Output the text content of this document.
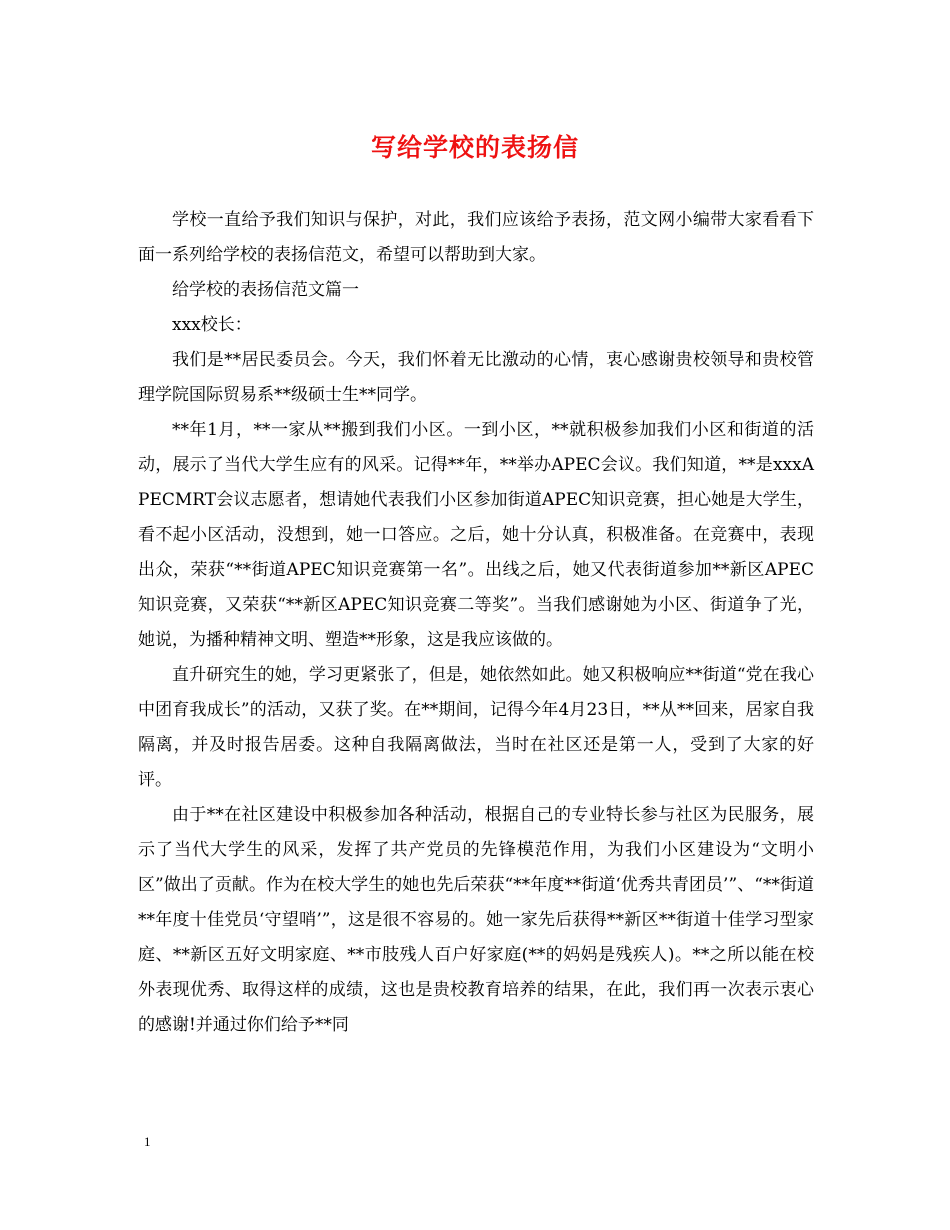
写给学校的表扬信

学校一直给予我们知识与保护，对此，我们应该给予表扬，范文网小编带大家看看下面一系列给学校的表扬信范文，希望可以帮助到大家。

给学校的表扬信范文篇一

xxx校长：

我们是**居民委员会。今天，我们怀着无比激动的心情，衷心感谢贵校领导和贵校管理学院国际贸易系**级硕士生**同学。

**年1月，**一家从**搬到我们小区。一到小区，**就积极参加我们小区和街道的活动，展示了当代大学生应有的风采。记得**年，**举办APEC会议。我们知道，**是xxxAPECMRT会议志愿者，想请她代表我们小区参加街道APEC知识竞赛，担心她是大学生，看不起小区活动，没想到，她一口答应。之后，她十分认真，积极准备。在竞赛中，表现出众，荣获“**街道APEC知识竞赛第一名”。出线之后，她又代表街道参加**新区APEC知识竞赛，又荣获“**新区APEC知识竞赛二等奖”。当我们感谢她为小区、街道争了光，她说，为播种精神文明、塑造**形象，这是我应该做的。

直升研究生的她，学习更紧张了，但是，她依然如此。她又积极响应**街道“党在我心中团育我成长”的活动，又获了奖。在**期间，记得今年4月23日，**从**回来，居家自我隔离，并及时报告居委。这种自我隔离做法，当时在社区还是第一人，受到了大家的好评。

由于**在社区建设中积极参加各种活动，根据自己的专业特长参与社区为民服务，展示了当代大学生的风采，发挥了共产党员的先锋模范作用，为我们小区建设为“文明小区”做出了贡献。作为在校大学生的她也先后荣获“**年度**街道‘优秀共青团员’”、“**街道**年度十佳党员‘守望哨’”，这是很不容易的。她一家先后获得**新区**街道十佳学习型家庭、**新区五好文明家庭、**市肢残人百户好家庭(**的妈妈是残疾人)。**之所以能在校外表现优秀、取得这样的成绩，这也是贵校教育培养的结果，在此，我们再一次表示衷心的感谢!并通过你们给予**同

1
